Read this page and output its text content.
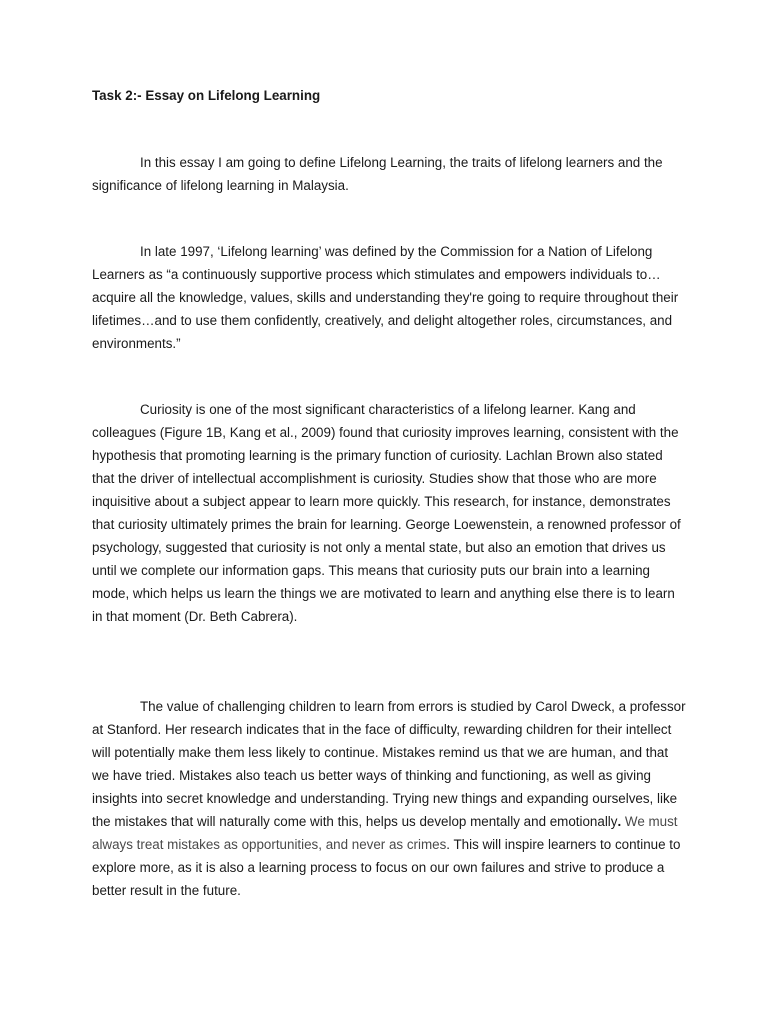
Task 2:- Essay on Lifelong Learning

In this essay I am going to define Lifelong Learning, the traits of lifelong learners and the significance of lifelong learning in Malaysia.

In late 1997, ‘Lifelong learning’ was defined by the Commission for a Nation of Lifelong Learners as “a continuously supportive process which stimulates and empowers individuals to…acquire all the knowledge, values, skills and understanding they're going to require throughout their lifetimes…and to use them confidently, creatively, and delight altogether roles, circumstances, and environments.”

Curiosity is one of the most significant characteristics of a lifelong learner. Kang and colleagues (Figure 1B, Kang et al., 2009) found that curiosity improves learning, consistent with the hypothesis that promoting learning is the primary function of curiosity. Lachlan Brown also stated that the driver of intellectual accomplishment is curiosity. Studies show that those who are more inquisitive about a subject appear to learn more quickly. This research, for instance, demonstrates that curiosity ultimately primes the brain for learning. George Loewenstein, a renowned professor of psychology, suggested that curiosity is not only a mental state, but also an emotion that drives us until we complete our information gaps. This means that curiosity puts our brain into a learning mode, which helps us learn the things we are motivated to learn and anything else there is to learn in that moment (Dr. Beth Cabrera).

The value of challenging children to learn from errors is studied by Carol Dweck, a professor at Stanford. Her research indicates that in the face of difficulty, rewarding children for their intellect will potentially make them less likely to continue. Mistakes remind us that we are human, and that we have tried. Mistakes also teach us better ways of thinking and functioning, as well as giving insights into secret knowledge and understanding. Trying new things and expanding ourselves, like the mistakes that will naturally come with this, helps us develop mentally and emotionally. We must always treat mistakes as opportunities, and never as crimes. This will inspire learners to continue to explore more, as it is also a learning process to focus on our own failures and strive to produce a better result in the future.
